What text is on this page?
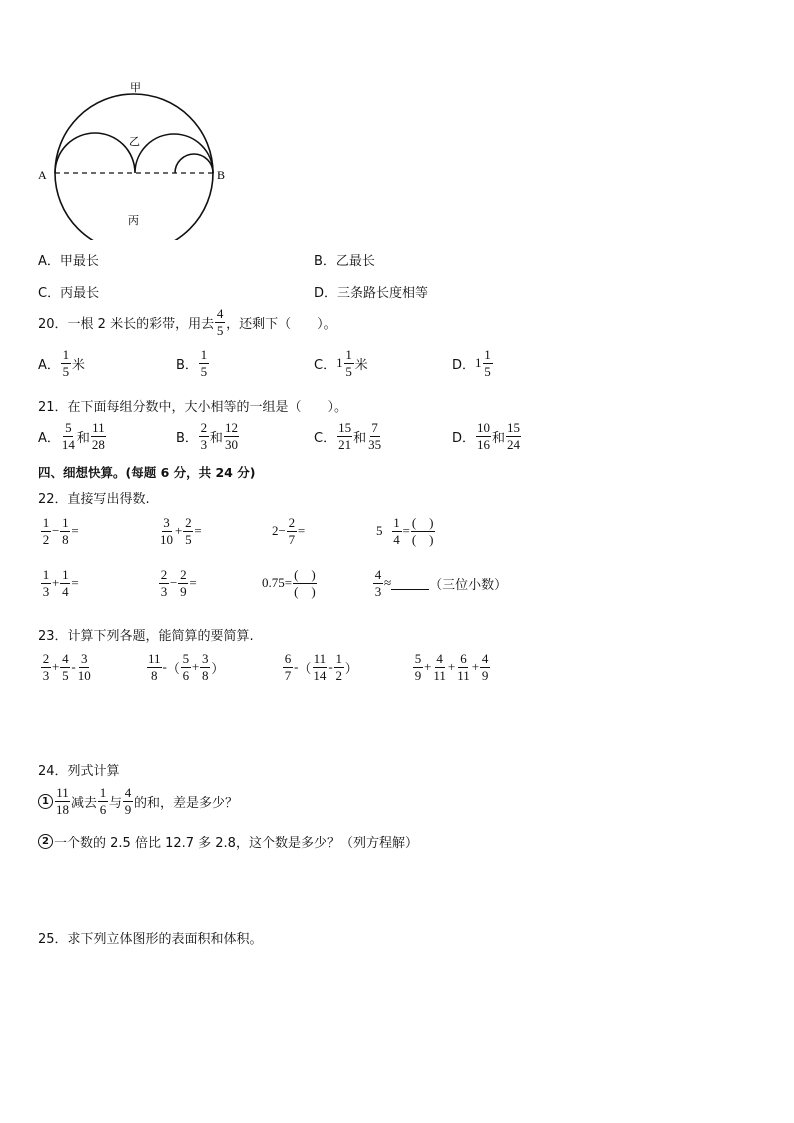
甲
乙
丙
A	B
A．甲最长	B．乙最长
C．丙最长	D．三条路长度相等
20．一根 2 米长的彩带，用去 $\frac{4}{5}$ ，还剩下（　　）。
A． $\frac{1}{5}$ 米	B． $\frac{1}{5}$	C． $1 \frac{1}{5}$ 米	D． $1 \frac{1}{5}$
21．在下面每组分数中，大小相等的一组是（　　）。
A． $\frac{5}{14}$ 和 $\frac{11}{28}$	B． $\frac{2}{3}$ 和 $\frac{12}{30}$	C． $\frac{15}{21}$ 和 $\frac{7}{35}$	D． $\frac{10}{16}$ 和 $\frac{15}{24}$
四、细想快算。(每题 6 分，共 24 分)
22．直接写出得数.
$\frac{1}{2} - \frac{1}{8}$ =	$\frac{3}{10} + \frac{2}{5}$ =	$2 - \frac{2}{7}$ =	$5 \frac{1}{4} = \frac{( )}{( )}$
$\frac{1}{3} + \frac{1}{4}$ =	$\frac{2}{3} - \frac{2}{9}$ =	$0.75= \frac{( )}{( )}$	$\frac{4}{3}$ ≈	（三位小数）
23．计算下列各题，能简算的要简算.
$\frac{2}{3} + \frac{4}{5} - \frac{3}{10}$	$\frac{11}{8}$ - （ $\frac{5}{6} + \frac{3}{8}$ ）	$\frac{6}{7}$ - （ $\frac{11}{14} - \frac{1}{2}$ ）	$\frac{5}{9} + \frac{4}{11} + \frac{6}{11} + \frac{4}{9}$
24．列式计算
$1 \frac{11}{18}$ 减去 $\frac{1}{6}$ 与 $\frac{4}{9}$ 的和，差是多少？
2 一个数的 2.5 倍比 12.7 多 2.8，这个数是多少？（列方程解）
25．求下列立体图形的表面积和体积。
